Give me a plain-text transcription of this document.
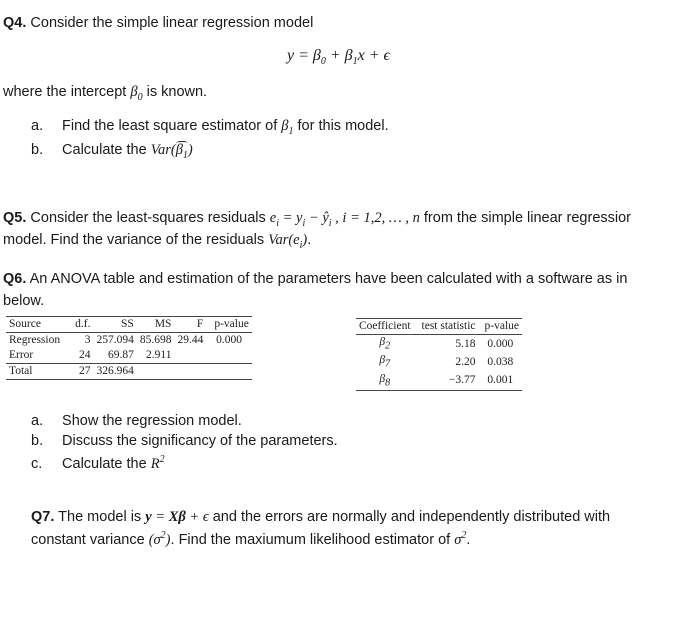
Q4. Consider the simple linear regression model
$y = \beta_0 + \beta_1x + \epsilon$
where the intercept $\beta_0$ is known.
a. Find the least square estimator of $\beta_1$ for this model.
b. Calculate the $Var(\beta_1)$
Q5. Consider the least-squares residuals $e_i = y_i$ − $ŷ_i$ , i = 1,2, … , n from the simple linear regressior
model. Find the variance of the residuals $Var(e_i)$.
Q6. An ANOVA table and estimation of the parameters have been calculated with a software as in
below.
Source	d.f.	SS	MS	F	p-value
Regression	3	257.094	85.698	29.44	0.000
Error	24	69.87	2.911		
Total	27	326.964			
Coefficient	test statistic	p-value
$\beta_2$	5.18	0.000
$\beta_7$	2.20	0.038
$\beta_8$	−3.77	0.001
a. Show the regression model.
b. Discuss the significancy of the parameters.
c. Calculate the $R^2$
Q7. The model is y = Xβ + ϵ and the errors are normally and independently distributed with
constant variance $(\sigma^2)$. Find the maxiumum likelihood estimator of $\sigma^2$.
